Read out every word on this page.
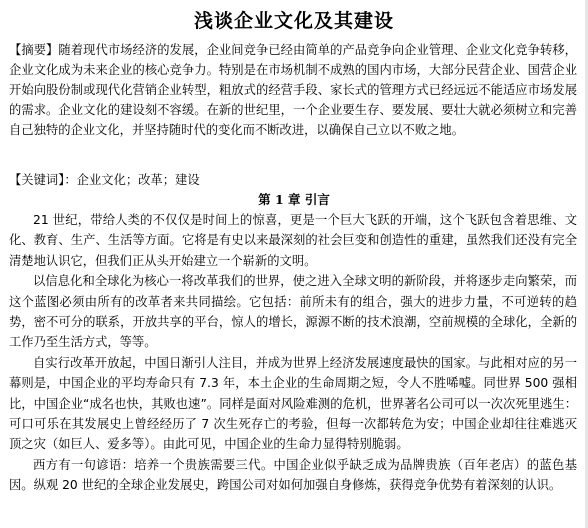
浅谈企业文化及其建设
【摘要】随着现代市场经济的发展，企业间竞争已经由简单的产品竞争向企业管理、企业文化竞争转移，企业文化成为未来企业的核心竞争力。特别是在市场机制不成熟的国内市场，大部分民营企业、国营企业开始向股份制或现代化营销企业转型，粗放式的经营手段、家长式的管理方式已经远远不能适应市场发展的需求。企业文化的建设刻不容缓。在新的世纪里，一个企业要生存、要发展、要壮大就必须树立和完善自己独特的企业文化，并坚持随时代的变化而不断改进，以确保自己立以不败之地。
【关键词】：企业文化；改革；建设
第 1 章 引言

21 世纪，带给人类的不仅仅是时间上的惊喜，更是一个巨大飞跃的开端，这个飞跃包含着思维、文化、教育、生产、生活等方面。它将是有史以来最深刻的社会巨变和创造性的重建，虽然我们还没有完全清楚地认识它，但我们正从头开始建立一个崭新的文明。

以信息化和全球化为核心一将改革我们的世界，使之进入全球文明的新阶段，并将逐步走向繁荣，而这个蓝图必须由所有的改革者来共同描绘。它包括：前所未有的组合，强大的进步力量，不可逆转的趋势，密不可分的联系，开放共享的平台，惊人的增长，源源不断的技术浪潮，空前规模的全球化，全新的工作乃至生活方式，等等。

自实行改革开放起，中国日渐引人注目，并成为世界上经济发展速度最快的国家。与此相对应的另一幕则是，中国企业的平均寿命只有 7.3 年，本土企业的生命周期之短，令人不胜唏嘘。同世界 500 强相比，中国企业“成名也快，其败也速”。同样是面对风险难测的危机，世界著名公司可以一次次死里逃生：可口可乐在其发展史上曾经经历了 7 次生死存亡的考验，但每一次都转危为安；中国企业却往往难逃灭顶之灾（如巨人、爱多等）。由此可见，中国企业的生命力显得特别脆弱。

西方有一句谚语：培养一个贵族需要三代。中国企业似乎缺乏成为品牌贵族（百年老店）的蓝色基因。纵观 20 世纪的全球企业发展史，跨国公司对如何加强自身修炼，获得竞争优势有着深刻的认识。
